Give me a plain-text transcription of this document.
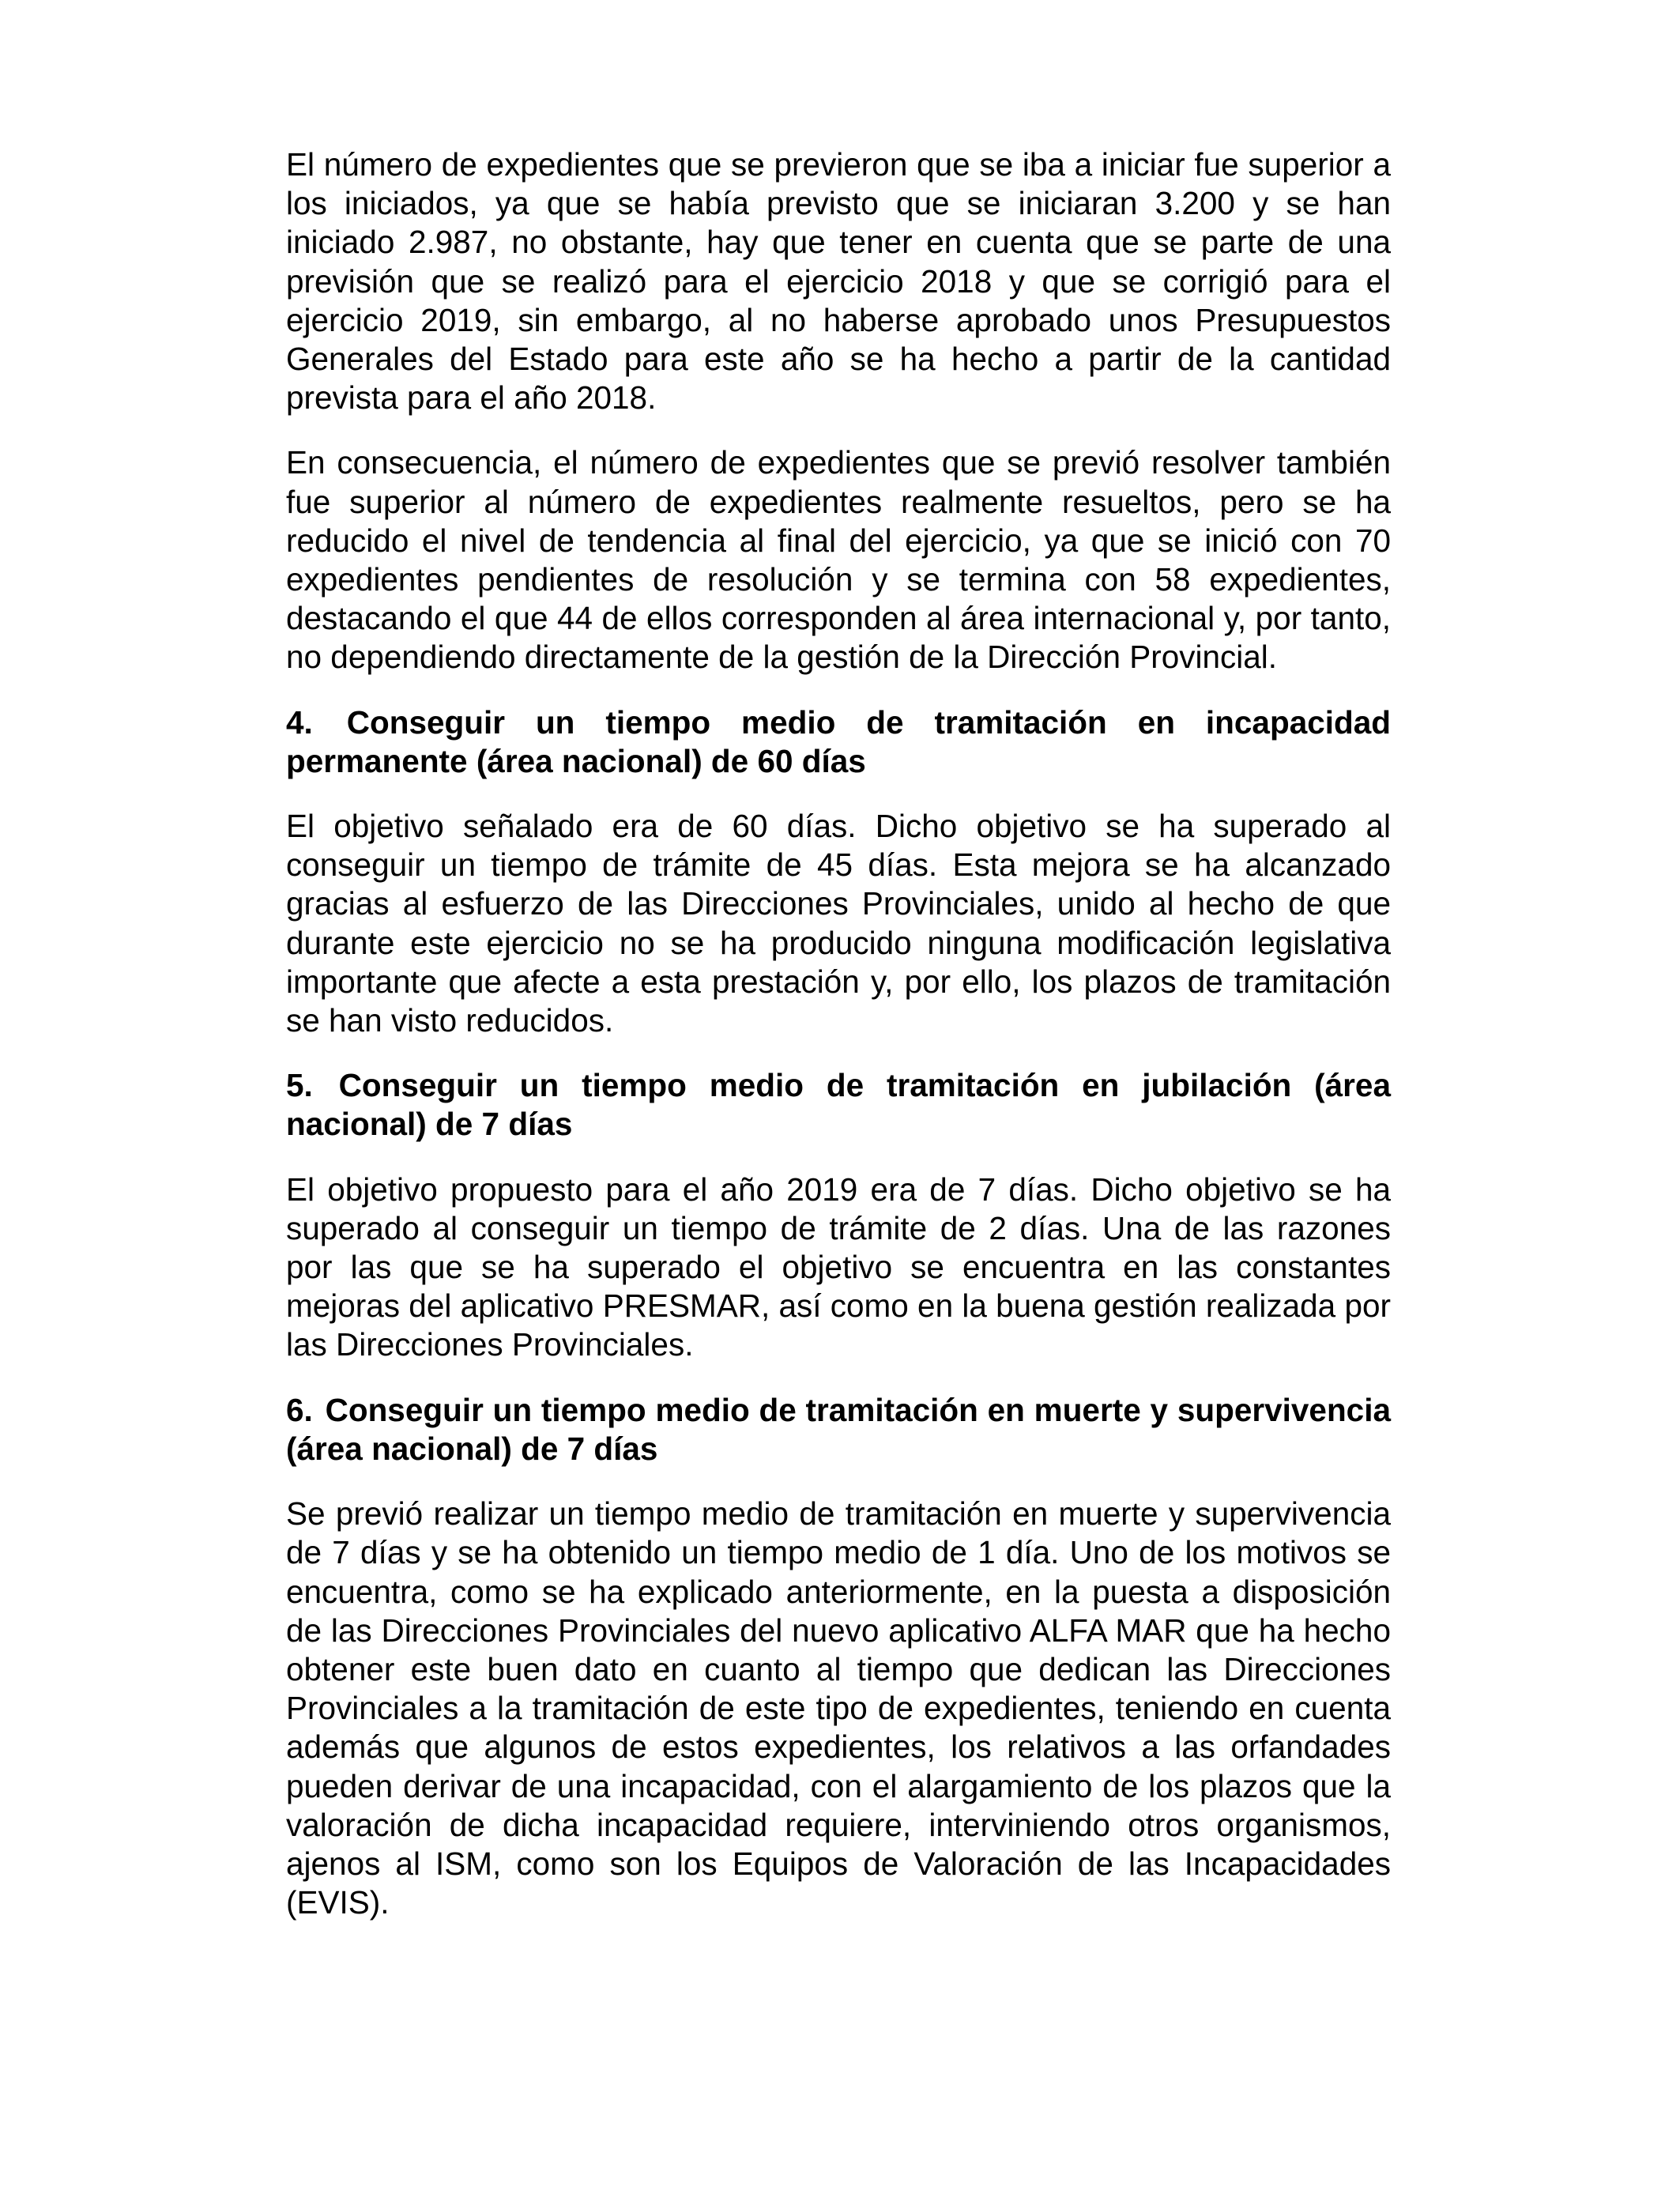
El número de expedientes que se previeron que se iba a iniciar fue superior a los iniciados, ya que se había previsto que se iniciaran 3.200 y se han iniciado 2.987, no obstante, hay que tener en cuenta que se parte de una previsión que se realizó para el ejercicio 2018 y que se corrigió para el ejercicio 2019, sin embargo, al no haberse aprobado unos Presupuestos Generales del Estado para este año se ha hecho a partir de la cantidad prevista para el año 2018.

En consecuencia, el número de expedientes que se previó resolver también fue superior al número de expedientes realmente resueltos, pero se ha reducido el nivel de tendencia al final del ejercicio, ya que se inició con 70 expedientes pendientes de resolución y se termina con 58 expedientes, destacando el que 44 de ellos corresponden al área internacional y, por tanto, no dependiendo directamente de la gestión de la Dirección Provincial.

4. Conseguir un tiempo medio de tramitación en incapacidad permanente (área nacional) de 60 días

El objetivo señalado era de 60 días. Dicho objetivo se ha superado al conseguir un tiempo de trámite de 45 días. Esta mejora se ha alcanzado gracias al esfuerzo de las Direcciones Provinciales, unido al hecho de que durante este ejercicio no se ha producido ninguna modificación legislativa importante que afecte a esta prestación y, por ello, los plazos de tramitación se han visto reducidos.

5. Conseguir un tiempo medio de tramitación en jubilación (área nacional) de 7 días

El objetivo propuesto para el año 2019 era de 7 días. Dicho objetivo se ha superado al conseguir un tiempo de trámite de 2 días. Una de las razones por las que se ha superado el objetivo se encuentra en las constantes mejoras del aplicativo PRESMAR, así como en la buena gestión realizada por las Direcciones Provinciales.

6. Conseguir un tiempo medio de tramitación en muerte y supervivencia (área nacional) de 7 días

Se previó realizar un tiempo medio de tramitación en muerte y supervivencia de 7 días y se ha obtenido un tiempo medio de 1 día. Uno de los motivos se encuentra, como se ha explicado anteriormente, en la puesta a disposición de las Direcciones Provinciales del nuevo aplicativo ALFA MAR que ha hecho obtener este buen dato en cuanto al tiempo que dedican las Direcciones Provinciales a la tramitación de este tipo de expedientes, teniendo en cuenta además que algunos de estos expedientes, los relativos a las orfandades pueden derivar de una incapacidad, con el alargamiento de los plazos que la valoración de dicha incapacidad requiere, interviniendo otros organismos, ajenos al ISM, como son los Equipos de Valoración de las Incapacidades (EVIS).
